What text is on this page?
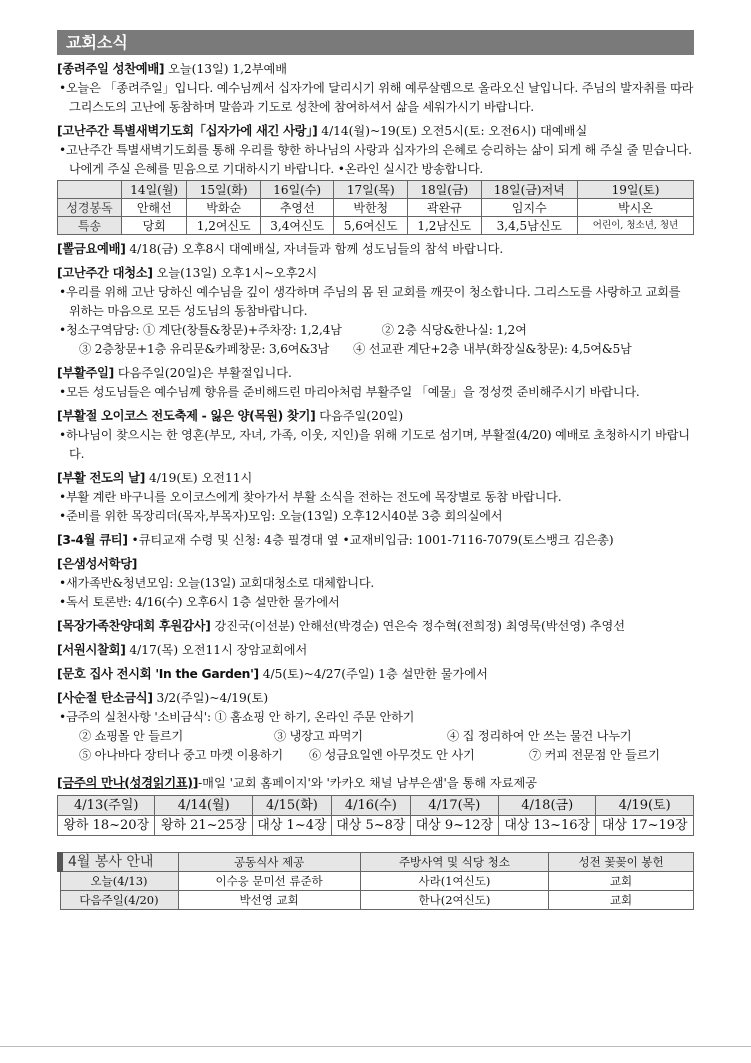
교회소식
[종려주일 성찬예배] 오늘(13일) 1,2부예배
•오늘은 「종려주일」입니다. 예수님께서 십자가에 달리시기 위해 예루살렘으로 올라오신 날입니다. 주님의 발자취를 따라 그리스도의 고난에 동참하며 말씀과 기도로 성찬에 참여하셔서 삶을 세워가시기 바랍니다.
[고난주간 특별새벽기도회「십자가에 새긴 사랑」] 4/14(월)~19(토) 오전5시(토: 오전6시) 대예배실
•고난주간 특별새벽기도회를 통해 우리를 향한 하나님의 사랑과 십자가의 은혜로 승리하는 삶이 되게 해 주실 줄 믿습니다. 나에게 주실 은혜를 믿음으로 기대하시기 바랍니다. •온라인 실시간 방송합니다.
	14일(월)	15일(화)	16일(수)	17일(목)	18일(금)	18일(금)저녁	19일(토)
성경봉독	안해선	박화순	추영선	박한청	곽완규	임지수	박시온
특송	당회	1,2여신도	3,4여신도	5,6여신도	1,2남신도	3,4,5남신도	어린이, 청소년, 청년
[뽈금요예배] 4/18(금) 오후8시 대예배실, 자녀들과 함께 성도님들의 참석 바랍니다.
[고난주간 대청소] 오늘(13일) 오후1시~오후2시
•우리를 위해 고난 당하신 예수님을 깊이 생각하며 주님의 몸 된 교회를 깨끗이 청소합니다. 그리스도를 사랑하고 교회를 위하는 마음으로 모든 성도님의 동참바랍니다.
•청소구역담당: ① 계단(창틀&창문)+주차장: 1,2,4남	② 2층 식당&한나실: 1,2여
③ 2층창문+1층 유리문&카페창문: 3,6여&3남 ④ 선교관 계단+2층 내부(화장실&창문): 4,5여&5남
[부활주일] 다음주일(20일)은 부활절입니다.
•모든 성도님들은 예수님께 향유를 준비해드린 마리아처럼 부활주일 「예물」을 정성껏 준비해주시기 바랍니다.
[부활절 오이코스 전도축제 - 잃은 양(목원) 찾기] 다음주일(20일)
•하나님이 찾으시는 한 영혼(부모, 자녀, 가족, 이웃, 지인)을 위해 기도로 섬기며, 부활절(4/20) 예배로 초청하시기 바랍니다.
[부활 전도의 날] 4/19(토) 오전11시
•부활 계란 바구니를 오이코스에게 찾아가서 부활 소식을 전하는 전도에 목장별로 동참 바랍니다.
•준비를 위한 목장리더(목자,부목자)모임: 오늘(13일) 오후12시40분 3층 회의실에서
[3-4월 큐티] •큐티교재 수령 및 신청: 4층 필경대 옆 •교재비입금: 1001-7116-7079(토스뱅크 김은총)
[은샘성서학당]
•새가족반&청년모임: 오늘(13일) 교회대청소로 대체합니다.
•독서 토론반: 4/16(수) 오후6시 1층 설만한 물가에서
[목장가족찬양대회 후원감사] 강진국(이선분) 안해선(박경순) 연은숙 정수혁(전희정) 최영묵(박선영) 추영선
[서원시찰회] 4/17(목) 오전11시 장암교회에서
[문호 집사 전시회 'In the Garden'] 4/5(토)~4/27(주일) 1층 설만한 물가에서
[사순절 탄소금식] 3/2(주일)~4/19(토)
•금주의 실천사항 '소비금식': ① 홈쇼핑 안 하기, 온라인 주문 안하기
② 쇼핑몰 안 들르기	③ 냉장고 파먹기	④ 집 정리하여 안 쓰는 물건 나누기
⑤ 아나바다 장터나 중고 마켓 이용하기 ⑥ 성금요일엔 아무것도 안 사기	⑦ 커피 전문점 안 들르기
[금주의 만나(성경읽기표)]-매일 '교회 홈페이지'와 '카카오 채널 남부은샘'을 통해 자료제공
4/13(주일)	4/14(월)	4/15(화)	4/16(수)	4/17(목)	4/18(금)	4/19(토)
왕하 18~20장	왕하 21~25장	대상 1~4장	대상 5~8장	대상 9~12장	대상 13~16장	대상 17~19장
4월 봉사 안내	공동식사 제공	주방사역 및 식당 청소	성전 꽃꽂이 봉헌
오늘(4/13)	이수응 문미선 류준하	사라(1여신도)	교회
다음주일(4/20)	박선영 교회	한나(2여신도)	교회
